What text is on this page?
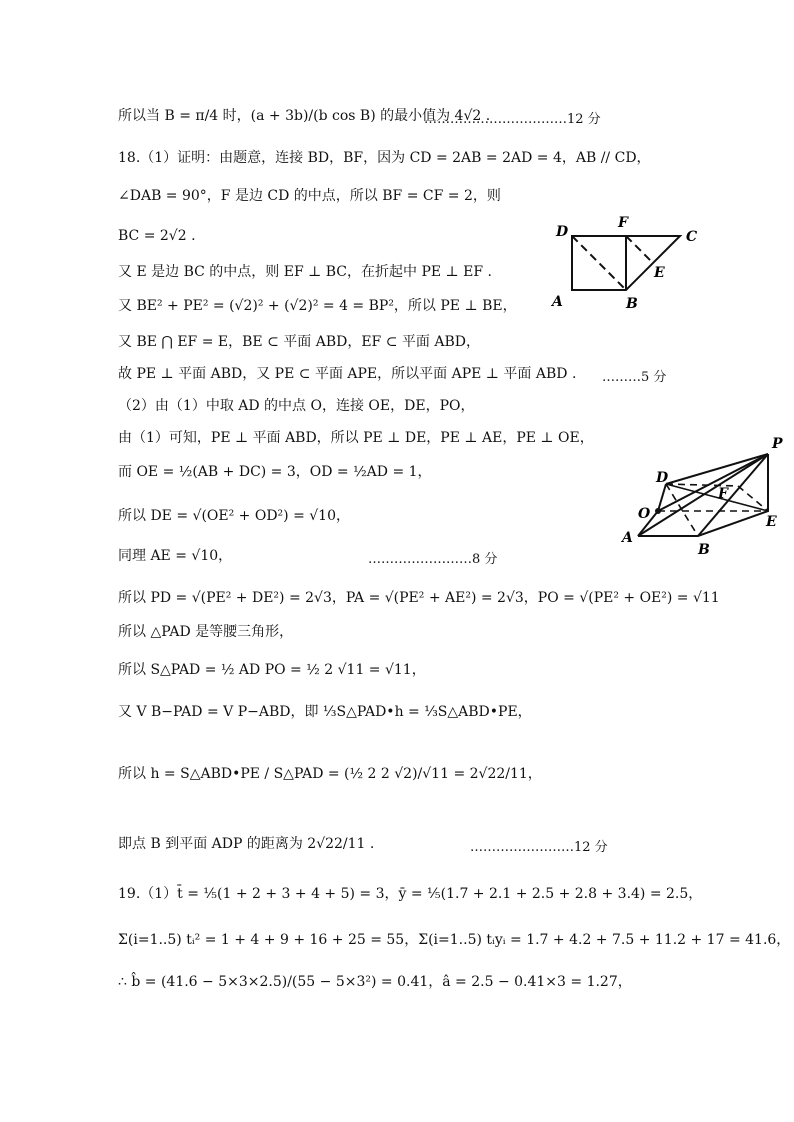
所以当 B = π/4 时，(a + 3b)/(b cos B) 的最小值为 4√2 .
……………………………12 分
18.（1）证明：由题意，连接 BD，BF，因为 CD = 2AB = 2AD = 4，AB // CD，
∠DAB = 90°，F 是边 CD 的中点，所以 BF = CF = 2，则
BC = 2√2 .
又 E 是边 BC 的中点，则 EF ⊥ BC，在折起中 PE ⊥ EF .
又 BE² + PE² = (√2)² + (√2)² = 4 = BP²，所以 PE ⊥ BE，
又 BE ⋂ EF = E，BE ⊂ 平面 ABD，EF ⊂ 平面 ABD，
故 PE ⊥ 平面 ABD，又 PE ⊂ 平面 APE，所以平面 APE ⊥ 平面 ABD . ………5 分
（2）由（1）中取 AD 的中点 O，连接 OE，DE，PO，
由（1）可知，PE ⊥ 平面 ABD，所以 PE ⊥ DE，PE ⊥ AE，PE ⊥ OE，
而 OE = ½(AB + DC) = 3，OD = ½AD = 1，
所以 DE = √(OE² + OD²) = √10，
同理 AE = √10，	……………………8 分
所以 PD = √(PE² + DE²) = 2√3，PA = √(PE² + AE²) = 2√3，PO = √(PE² + OE²) = √11
所以 △PAD 是等腰三角形，
所以 S△PAD = ½ AD PO = ½ 2 √11 = √11，
又 V B−PAD = V P−ABD，即 ⅓S△PAD•h = ⅓S△ABD•PE，
所以 h = S△ABD•PE / S△PAD = (½ 2 2 √2)/√11 = 2√22/11，
即点 B 到平面 ADP 的距离为 2√22/11 .	……………………12 分
19.（1）t̄ = ⅕(1 + 2 + 3 + 4 + 5) = 3，ȳ = ⅕(1.7 + 2.1 + 2.5 + 2.8 + 3.4) = 2.5，
Σ(i=1..5) tᵢ² = 1 + 4 + 9 + 16 + 25 = 55，Σ(i=1..5) tᵢyᵢ = 1.7 + 4.2 + 7.5 + 11.2 + 17 = 41.6，
∴ b̂ = (41.6 − 5×3×2.5)/(55 − 5×3²) = 0.41，â = 2.5 − 0.41×3 = 1.27，
D
F
C
E
A	B
P
D
F
O	E
A
B
